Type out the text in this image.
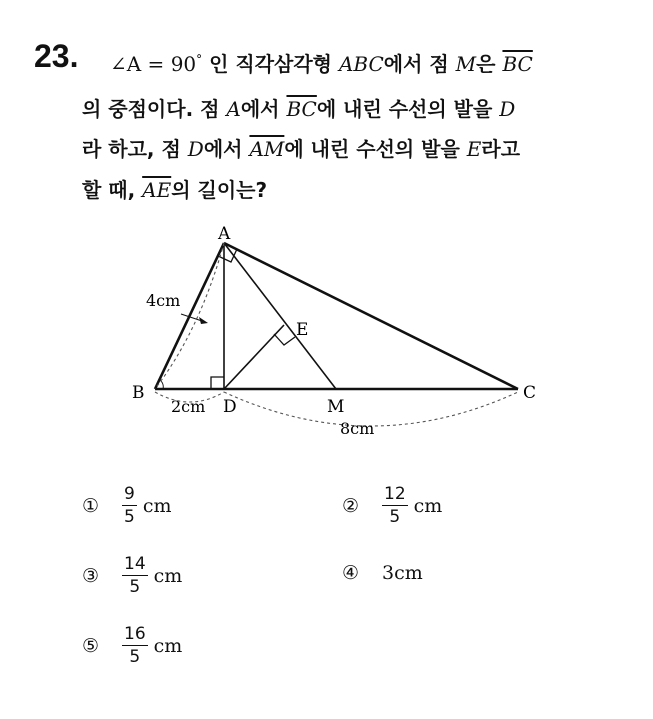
23. ∠A = 90° 인 직각삼각형 ABC에서 점 M은 $\overline{BC}$
의 중점이다. 점 A에서 $\overline{BC}$에 내린 수선의 발을 D
라 하고, 점 D에서 $\overline{AM}$에 내린 수선의 발을 E라고
할 때, $\overline{AE}$의 길이는?
A
B	C
D
E
M
4cm
2cm
8cm
①	$\frac{9}{5}$ cm	②	$\frac{12}{5}$ cm
③	$\frac{14}{5}$ cm	④	3 cm
⑤	$\frac{16}{5}$ cm
